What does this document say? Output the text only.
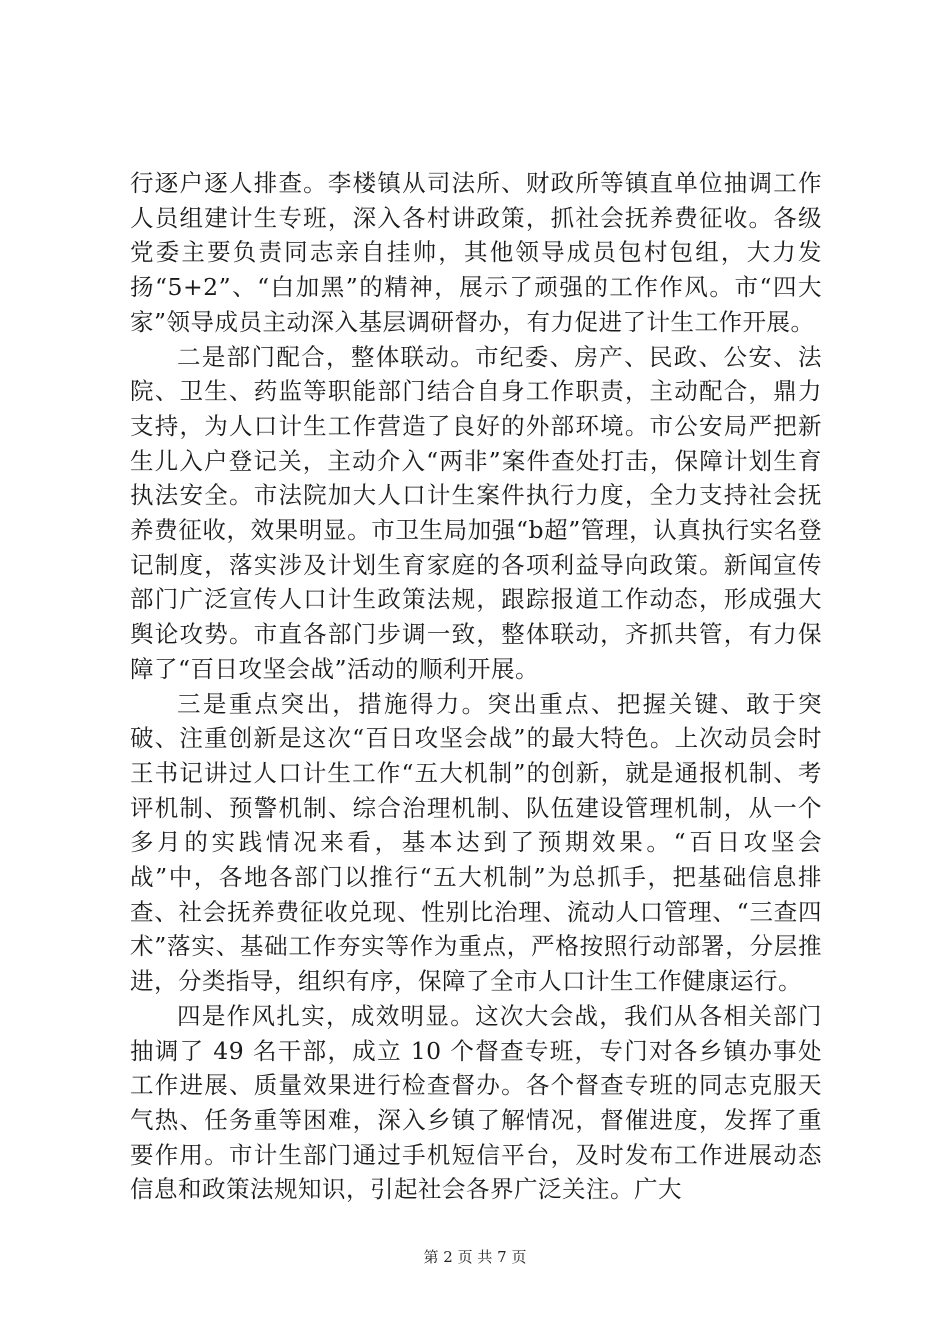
行逐户逐人排查。李楼镇从司法所、财政所等镇直单位抽调工作人员组建计生专班，深入各村讲政策，抓社会抚养费征收。各级党委主要负责同志亲自挂帅，其他领导成员包村包组，大力发扬“5+2”、“白加黑”的精神，展示了顽强的工作作风。市“四大家”领导成员主动深入基层调研督办，有力促进了计生工作开展。

二是部门配合，整体联动。市纪委、房产、民政、公安、法院、卫生、药监等职能部门结合自身工作职责，主动配合，鼎力支持，为人口计生工作营造了良好的外部环境。市公安局严把新生儿入户登记关，主动介入“两非”案件查处打击，保障计划生育执法安全。市法院加大人口计生案件执行力度，全力支持社会抚养费征收，效果明显。市卫生局加强“b超”管理，认真执行实名登记制度，落实涉及计划生育家庭的各项利益导向政策。新闻宣传部门广泛宣传人口计生政策法规，跟踪报道工作动态，形成强大舆论攻势。市直各部门步调一致，整体联动，齐抓共管，有力保障了“百日攻坚会战”活动的顺利开展。

三是重点突出，措施得力。突出重点、把握关键、敢于突破、注重创新是这次“百日攻坚会战”的最大特色。上次动员会时王书记讲过人口计生工作“五大机制”的创新，就是通报机制、考评机制、预警机制、综合治理机制、队伍建设管理机制，从一个多月的实践情况来看，基本达到了预期效果。“百日攻坚会战”中，各地各部门以推行“五大机制”为总抓手，把基础信息排查、社会抚养费征收兑现、性别比治理、流动人口管理、“三查四术”落实、基础工作夯实等作为重点，严格按照行动部署，分层推进，分类指导，组织有序，保障了全市人口计生工作健康运行。

四是作风扎实，成效明显。这次大会战，我们从各相关部门抽调了 49 名干部，成立 10 个督查专班，专门对各乡镇办事处工作进展、质量效果进行检查督办。各个督查专班的同志克服天气热、任务重等困难，深入乡镇了解情况，督催进度，发挥了重要作用。市计生部门通过手机短信平台，及时发布工作进展动态信息和政策法规知识，引起社会各界广泛关注。广大

第 2 页 共 7 页
